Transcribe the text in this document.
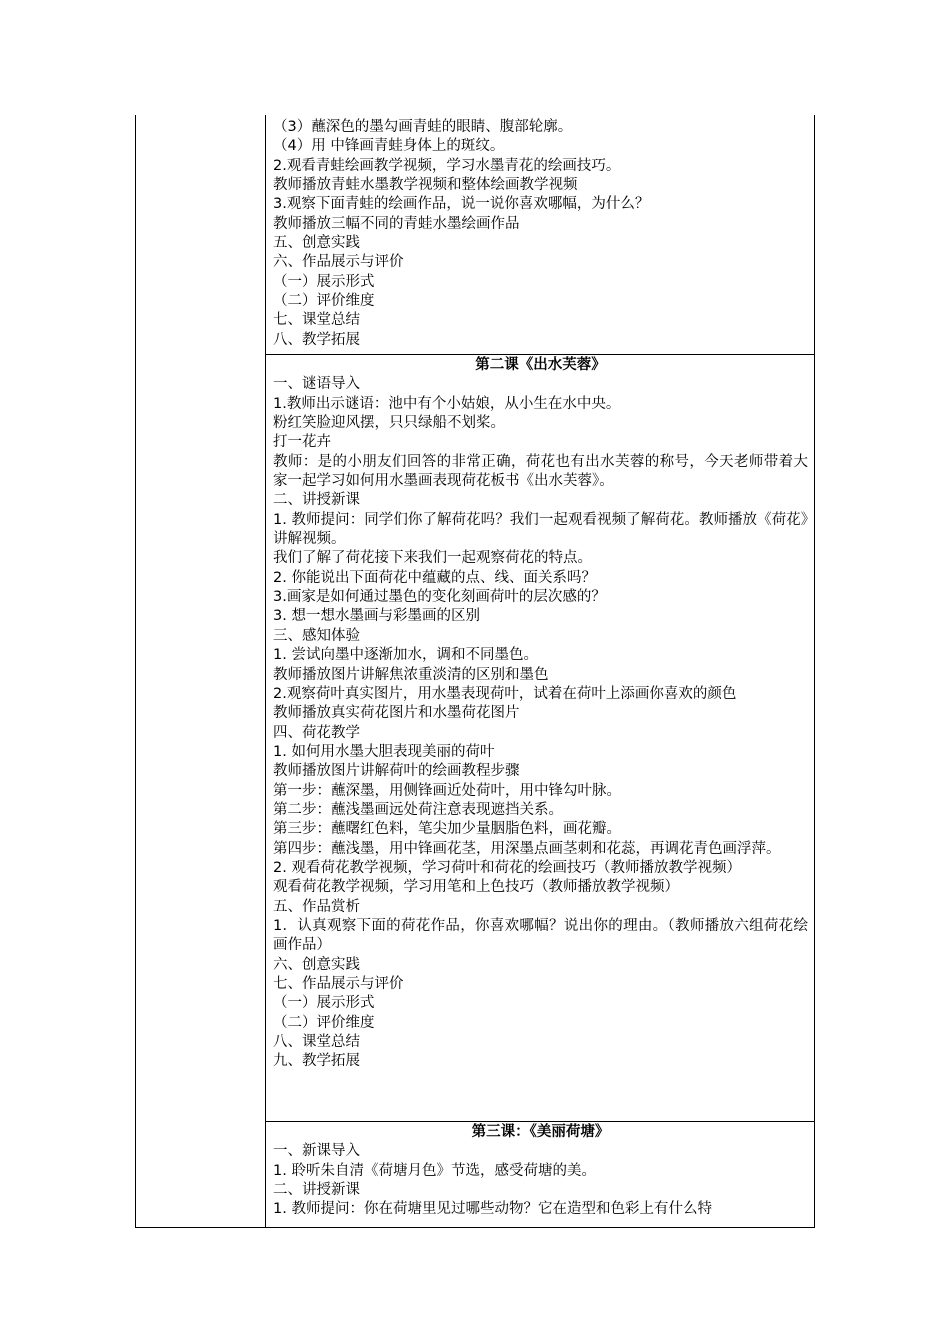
（3）蘸深色的墨勾画青蛙的眼睛、腹部轮廓。
（4）用 中锋画青蛙身体上的斑纹。
2.观看青蛙绘画教学视频，学习水墨青花的绘画技巧。
教师播放青蛙水墨教学视频和整体绘画教学视频
3.观察下面青蛙的绘画作品，说一说你喜欢哪幅，为什么？
教师播放三幅不同的青蛙水墨绘画作品
五、创意实践
六、作品展示与评价
（一）展示形式
（二）评价维度
七、课堂总结
八、教学拓展
第二课《出水芙蓉》
一、谜语导入
1.教师出示谜语：池中有个小姑娘，从小生在水中央。
粉红笑脸迎风摆，只只绿船不划桨。
打一花卉
教师：是的小朋友们回答的非常正确，荷花也有出水芙蓉的称号，今天老师带着大家一起学习如何用水墨画表现荷花板书《出水芙蓉》。
二、讲授新课
1. 教师提问：同学们你了解荷花吗？我们一起观看视频了解荷花。教师播放《荷花》讲解视频。
我们了解了荷花接下来我们一起观察荷花的特点。
2. 你能说出下面荷花中蕴藏的点、线、面关系吗？
3.画家是如何通过墨色的变化刻画荷叶的层次感的？
3. 想一想水墨画与彩墨画的区别
三、感知体验
1. 尝试向墨中逐渐加水，调和不同墨色。
教师播放图片讲解焦浓重淡清的区别和墨色
2.观察荷叶真实图片，用水墨表现荷叶，试着在荷叶上添画你喜欢的颜色
教师播放真实荷花图片和水墨荷花图片
四、荷花教学
1. 如何用水墨大胆表现美丽的荷叶
教师播放图片讲解荷叶的绘画教程步骤
第一步：蘸深墨，用侧锋画近处荷叶，用中锋勾叶脉。
第二步：蘸浅墨画远处荷注意表现遮挡关系。
第三步：蘸曙红色料，笔尖加少量胭脂色料，画花瓣。
第四步：蘸浅墨，用中锋画花茎，用深墨点画茎刺和花蕊，再调花青色画浮萍。
2. 观看荷花教学视频，学习荷叶和荷花的绘画技巧（教师播放教学视频）
观看荷花教学视频，学习用笔和上色技巧（教师播放教学视频）
五、作品赏析
1．认真观察下面的荷花作品，你喜欢哪幅？说出你的理由。（教师播放六组荷花绘画作品）
六、创意实践
七、作品展示与评价
（一）展示形式
（二）评价维度
八、课堂总结
九、教学拓展
第三课：《美丽荷塘》
一、新课导入
1. 聆听朱自清《荷塘月色》节选，感受荷塘的美。
二、讲授新课
1. 教师提问：你在荷塘里见过哪些动物？它在造型和色彩上有什么特
